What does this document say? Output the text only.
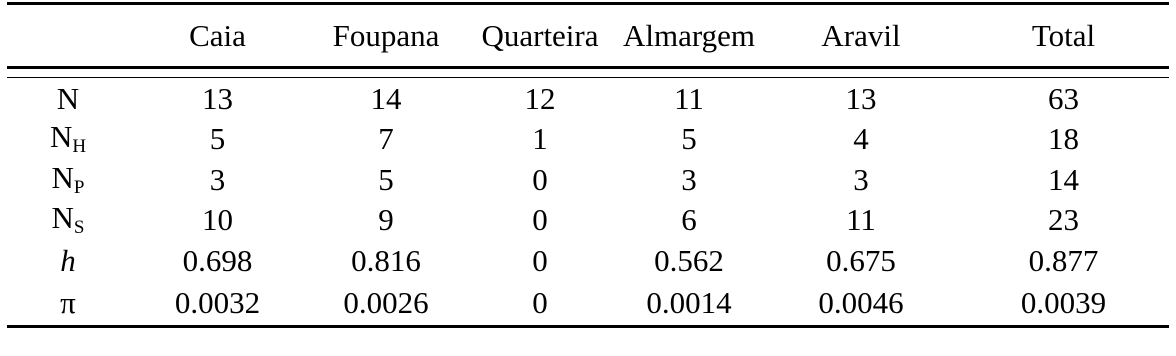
	Caia	Foupana	Quarteira	Almargem	Aravil	Total

N	13	14	12	11	13	63
$N_H$	5	7	1	5	4	18
$N_P$	3	5	0	3	3	14
$N_S$	10	9	0	6	11	23
h	0.698	0.816	0	0.562	0.675	0.877
π	0.0032	0.0026	0	0.0014	0.0046	0.0039
